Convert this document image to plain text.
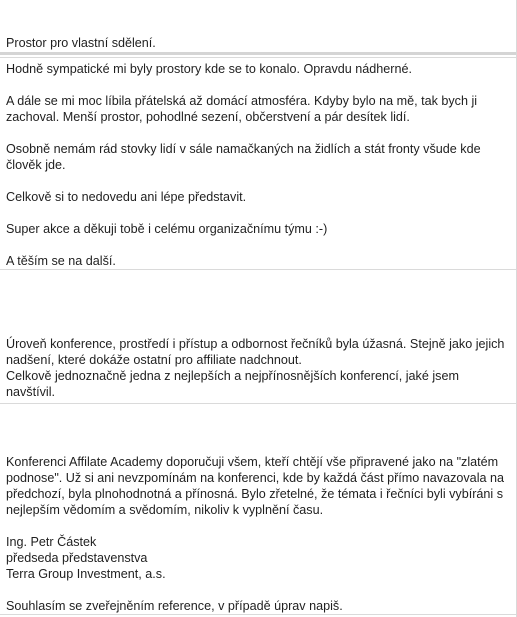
Prostor pro vlastní sdělení.

Hodně sympatické mi byly prostory kde se to konalo. Opravdu nádherné.

A dále se mi moc líbila přátelská až domácí atmosféra. Kdyby bylo na mě, tak bych ji zachoval. Menší prostor, pohodlné sezení, občerstvení a pár desítek lidí.

Osobně nemám rád stovky lidí v sále namačkaných na židlích a stát fronty všude kde člověk jde.

Celkově si to nedovedu ani lépe představit.

Super akce a děkuji tobě i celému organizačnímu týmu :-)

A těším se na další.

Úroveň konference, prostředí i přístup a odbornost řečníků byla úžasná. Stejně jako jejich nadšení, které dokáže ostatní pro affiliate nadchnout.

Celkově jednoznačně jedna z nejlepších a nejpřínosnějších konferencí, jaké jsem navštívil.

Konferenci Affilate Academy doporučuji všem, kteří chtějí vše připravené jako na "zlatém podnose". Už si ani nevzpomínám na konferenci, kde by každá část přímo navazovala na předchozí, byla plnohodnotná a přínosná. Bylo zřetelné, že témata i řečníci byli vybíráni s nejlepším vědomím a svědomím, nikoliv k vyplnění času.

Ing. Petr Částek

předseda představenstva

Terra Group Investment, a.s.

Souhlasím se zveřejněním reference, v případě úprav napiš.
